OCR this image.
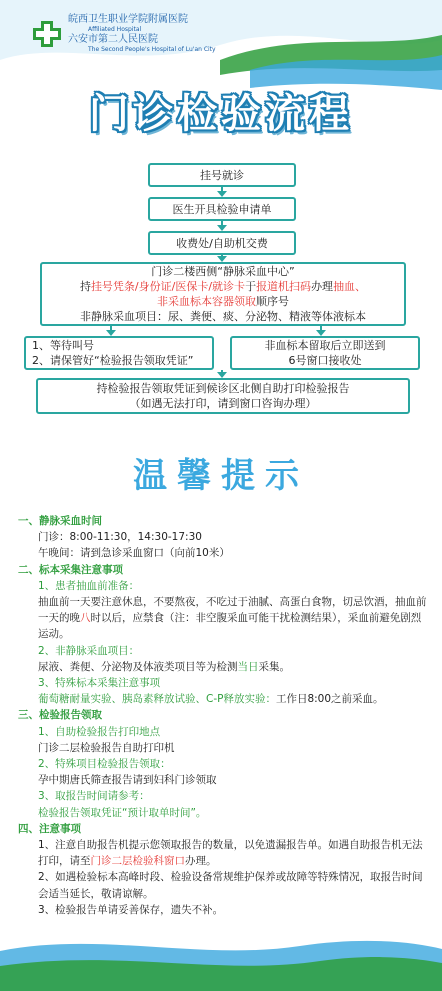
皖西卫生职业学院附属医院
Affiliated Hospital
六安市第二人民医院
The Second People's Hospital of Lu'an City
门诊检验流程
挂号就诊
医生开具检验申请单
收费处/自助机交费
门诊二楼西侧“静脉采血中心”
持挂号凭条/身份证/医保卡/就诊卡于报道机扫码办理抽血、
非采血标本容器领取顺序号
非静脉采血项目：尿、粪便、痰、分泌物、精液等体液标本
1、等待叫号
2、请保管好“检验报告领取凭证”
非血标本留取后立即送到
6号窗口接收处
持检验报告领取凭证到候诊区北侧自助打印检验报告
（如遇无法打印，请到窗口咨询办理）
温馨提示
一、静脉采血时间
门诊：8:00-11:30，14:30-17:30
午晚间：请到急诊采血窗口（向前10米）
二、标本采集注意事项
1、患者抽血前准备：
抽血前一天要注意休息，不要熬夜，不吃过于油腻、高蛋白食物，切忌饮酒，抽血前一天的晚八时以后，应禁食（注：非空腹采血可能干扰检测结果），采血前避免剧烈运动。
2、非静脉采血项目：
尿液、粪便、分泌物及体液类项目等为检测当日采集。
3、特殊标本采集注意事项
葡萄糖耐量实验、胰岛素释放试验、C-P释放实验：工作日8:00之前采血。
三、检验报告领取
1、自助检验报告打印地点
门诊二层检验报告自助打印机
2、特殊项目检验报告领取：
孕中期唐氏筛查报告请到妇科门诊领取
3、取报告时间请参考：
检验报告领取凭证“预计取单时间”。
四、注意事项
1、注意自助报告机提示您领取报告的数量，以免遗漏报告单。如遇自助报告机无法打印，请至门诊二层检验科窗口办理。
2、如遇检验标本高峰时段、检验设备常规维护保养或故障等特殊情况，取报告时间会适当延长，敬请谅解。
3、检验报告单请妥善保存，遗失不补。
